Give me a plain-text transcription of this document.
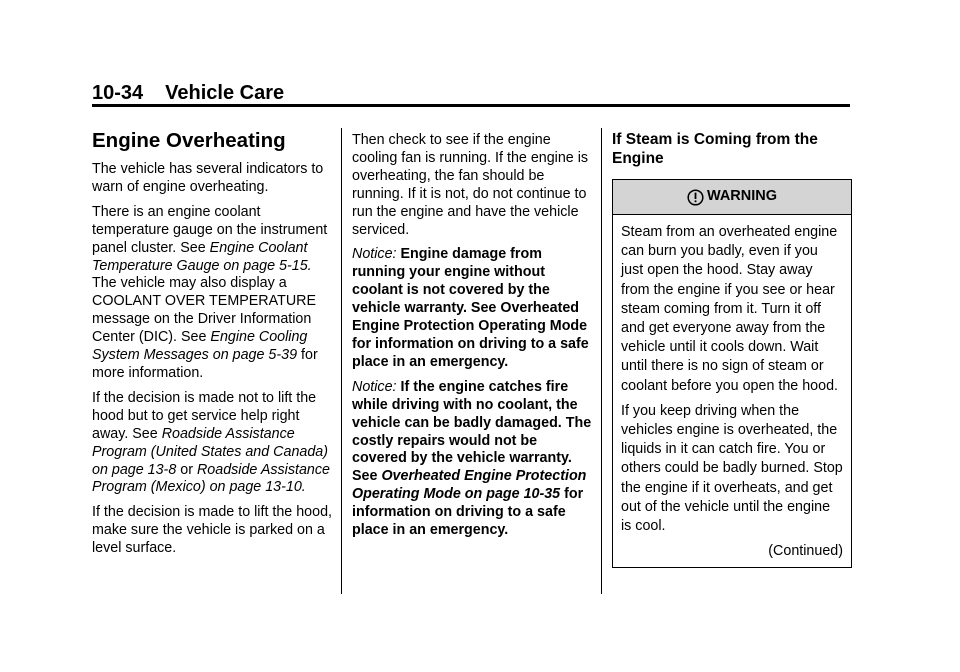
10-34 Vehicle Care
Engine Overheating

The vehicle has several indicators to warn of engine overheating.

There is an engine coolant temperature gauge on the instrument panel cluster. See Engine Coolant Temperature Gauge on page 5-15. The vehicle may also display a COOLANT OVER TEMPERATURE message on the Driver Information Center (DIC). See Engine Cooling System Messages on page 5-39 for more information.

If the decision is made not to lift the hood but to get service help right away. See Roadside Assistance Program (United States and Canada) on page 13-8 or Roadside Assistance Program (Mexico) on page 13-10.

If the decision is made to lift the hood, make sure the vehicle is parked on a level surface.

Then check to see if the engine cooling fan is running. If the engine is overheating, the fan should be running. If it is not, do not continue to run the engine and have the vehicle serviced.

Notice: Engine damage from running your engine without coolant is not covered by the vehicle warranty. See Overheated Engine Protection Operating Mode for information on driving to a safe place in an emergency.

Notice: If the engine catches fire while driving with no coolant, the vehicle can be badly damaged. The costly repairs would not be covered by the vehicle warranty. See Overheated Engine Protection Operating Mode on page 10-35 for information on driving to a safe place in an emergency.

If Steam is Coming from the Engine
WARNING

Steam from an overheated engine can burn you badly, even if you just open the hood. Stay away from the engine if you see or hear steam coming from it. Turn it off and get everyone away from the vehicle until it cools down. Wait until there is no sign of steam or coolant before you open the hood.

If you keep driving when the vehicles engine is overheated, the liquids in it can catch fire. You or others could be badly burned. Stop the engine if it overheats, and get out of the vehicle until the engine is cool.

(Continued)
